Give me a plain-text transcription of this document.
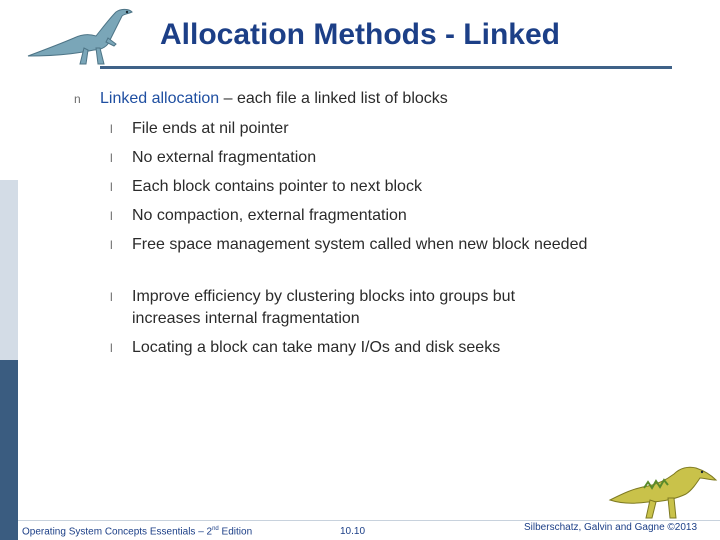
Allocation Methods - Linked
n Linked allocation – each file a linked list of blocks
l File ends at nil pointer
l No external fragmentation
l Each block contains pointer to next block
l No compaction, external fragmentation
l Free space management system called when new block needed
l Improve efficiency by clustering blocks into groups but increases internal fragmentation
l Locating a block can take many I/Os and disk seeks
Operating System Concepts Essentials – 2nd Edition	10.10	Silberschatz, Galvin and Gagne ©2013
